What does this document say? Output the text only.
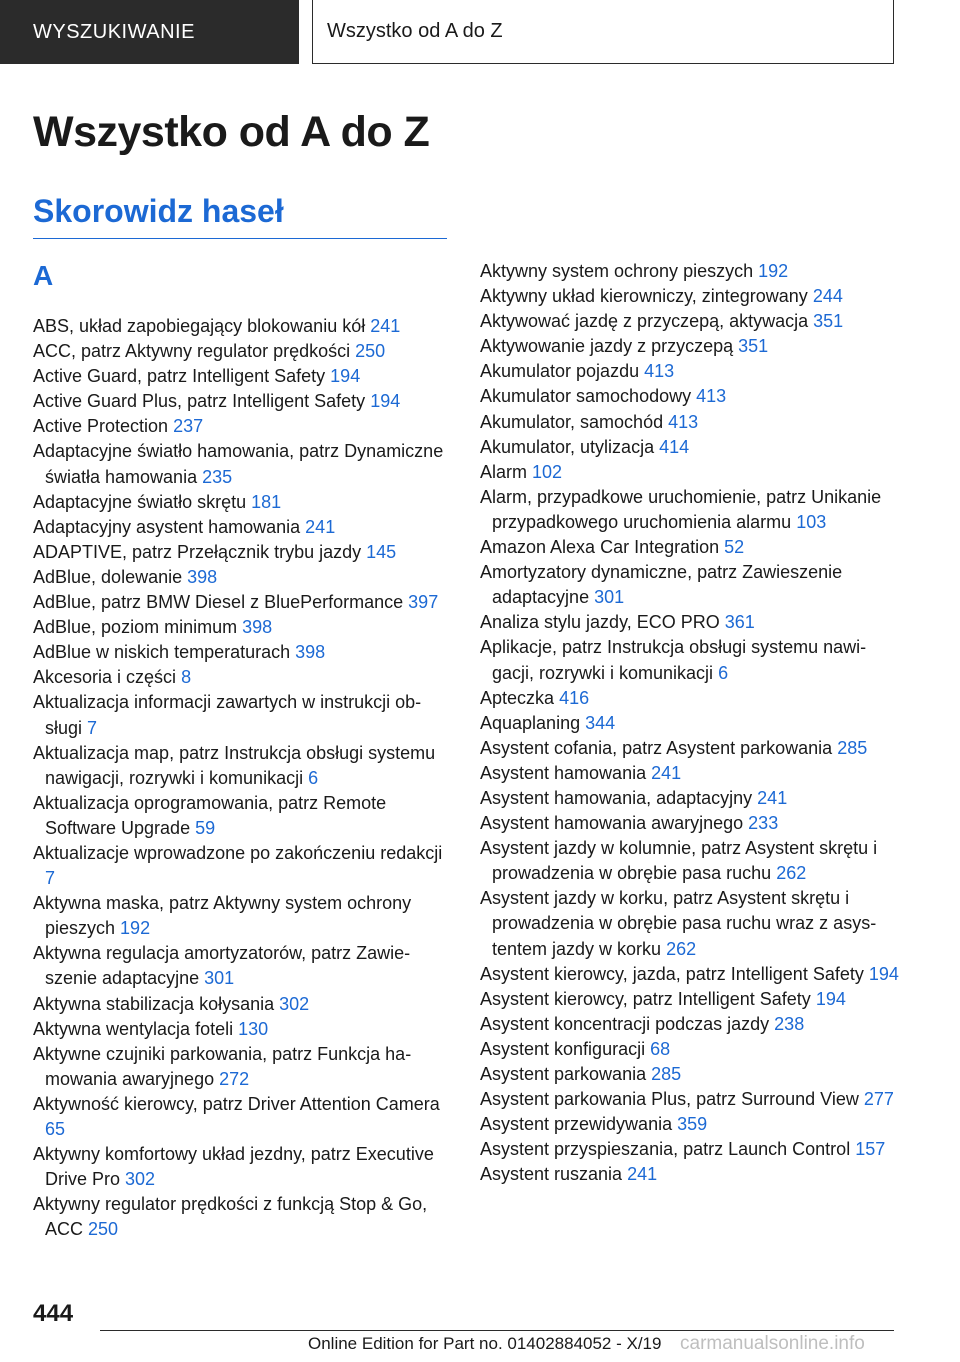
WYSZUKIWANIE	Wszystko od A do Z
Wszystko od A do Z
Skorowidz haseł
A
ABS, układ zapobiegający blokowaniu kół 241
ACC, patrz Aktywny regulator prędkości 250
Active Guard, patrz Intelligent Safety 194
Active Guard Plus, patrz Intelligent Safety 194
Active Protection 237
Adaptacyjne światło hamowania, patrz Dynamiczne światła hamowania 235
Adaptacyjne światło skrętu 181
Adaptacyjny asystent hamowania 241
ADAPTIVE, patrz Przełącznik trybu jazdy 145
AdBlue, dolewanie 398
AdBlue, patrz BMW Diesel z BluePerformance 397
AdBlue, poziom minimum 398
AdBlue w niskich temperaturach 398
Akcesoria i części 8
Aktualizacja informacji zawartych w instrukcji obsługi 7
Aktualizacja map, patrz Instrukcja obsługi systemu nawigacji, rozrywki i komunikacji 6
Aktualizacja oprogramowania, patrz Remote Software Upgrade 59
Aktualizacje wprowadzone po zakończeniu redakcji 7
Aktywna maska, patrz Aktywny system ochrony pieszych 192
Aktywna regulacja amortyzatorów, patrz Zawieszenie adaptacyjne 301
Aktywna stabilizacja kołysania 302
Aktywna wentylacja foteli 130
Aktywne czujniki parkowania, patrz Funkcja hamowania awaryjnego 272
Aktywność kierowcy, patrz Driver Attention Camera 65
Aktywny komfortowy układ jezdny, patrz Executive Drive Pro 302
Aktywny regulator prędkości z funkcją Stop & Go, ACC 250
Aktywny system ochrony pieszych 192
Aktywny układ kierowniczy, zintegrowany 244
Aktywować jazdę z przyczepą, aktywacja 351
Aktywowanie jazdy z przyczepą 351
Akumulator pojazdu 413
Akumulator samochodowy 413
Akumulator, samochód 413
Akumulator, utylizacja 414
Alarm 102
Alarm, przypadkowe uruchomienie, patrz Unikanie przypadkowego uruchomienia alarmu 103
Amazon Alexa Car Integration 52
Amortyzatory dynamiczne, patrz Zawieszenie adaptacyjne 301
Analiza stylu jazdy, ECO PRO 361
Aplikacje, patrz Instrukcja obsługi systemu nawigacji, rozrywki i komunikacji 6
Apteczka 416
Aquaplaning 344
Asystent cofania, patrz Asystent parkowania 285
Asystent hamowania 241
Asystent hamowania, adaptacyjny 241
Asystent hamowania awaryjnego 233
Asystent jazdy w kolumnie, patrz Asystent skrętu i prowadzenia w obrębie pasa ruchu 262
Asystent jazdy w korku, patrz Asystent skrętu i prowadzenia w obrębie pasa ruchu wraz z asystentem jazdy w korku 262
Asystent kierowcy, jazda, patrz Intelligent Safety 194
Asystent kierowcy, patrz Intelligent Safety 194
Asystent koncentracji podczas jazdy 238
Asystent konfiguracji 68
Asystent parkowania 285
Asystent parkowania Plus, patrz Surround View 277
Asystent przewidywania 359
Asystent przyspieszania, patrz Launch Control 157
Asystent ruszania 241
444
Online Edition for Part no. 01402884052 - X/19 carmanualsonline.info
